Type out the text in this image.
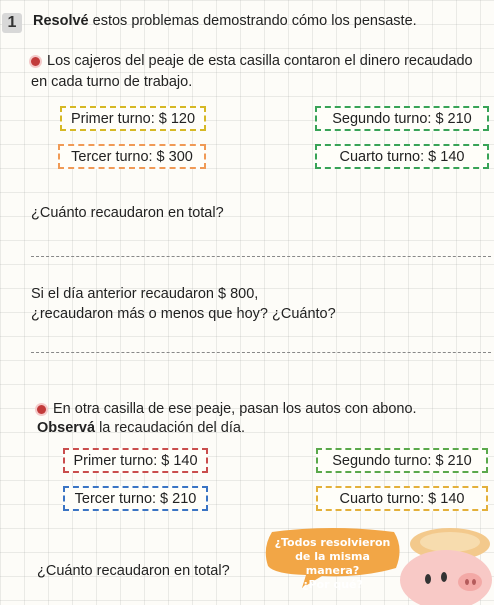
1	Resolvé estos problemas demostrando cómo los pensaste.
Los cajeros del peaje de esta casilla contaron el dinero recaudado
en cada turno de trabajo.
Primer turno: $ 120	Segundo turno: $ 210
Tercer turno: $ 300	Cuarto turno: $ 140
¿Cuánto recaudaron en total?
Si el día anterior recaudaron $ 800,
¿recaudaron más o menos que hoy? ¿Cuánto?
En otra casilla de ese peaje, pasan los autos con abono.
Observá la recaudación del día.
Primer turno: $ 140	Segundo turno: $ 210
Tercer turno: $ 210	Cuarto turno: $ 140
¿Cuánto recaudaron en total?
¿Todos resolvieron
de la misma manera?
¿Por qué?
